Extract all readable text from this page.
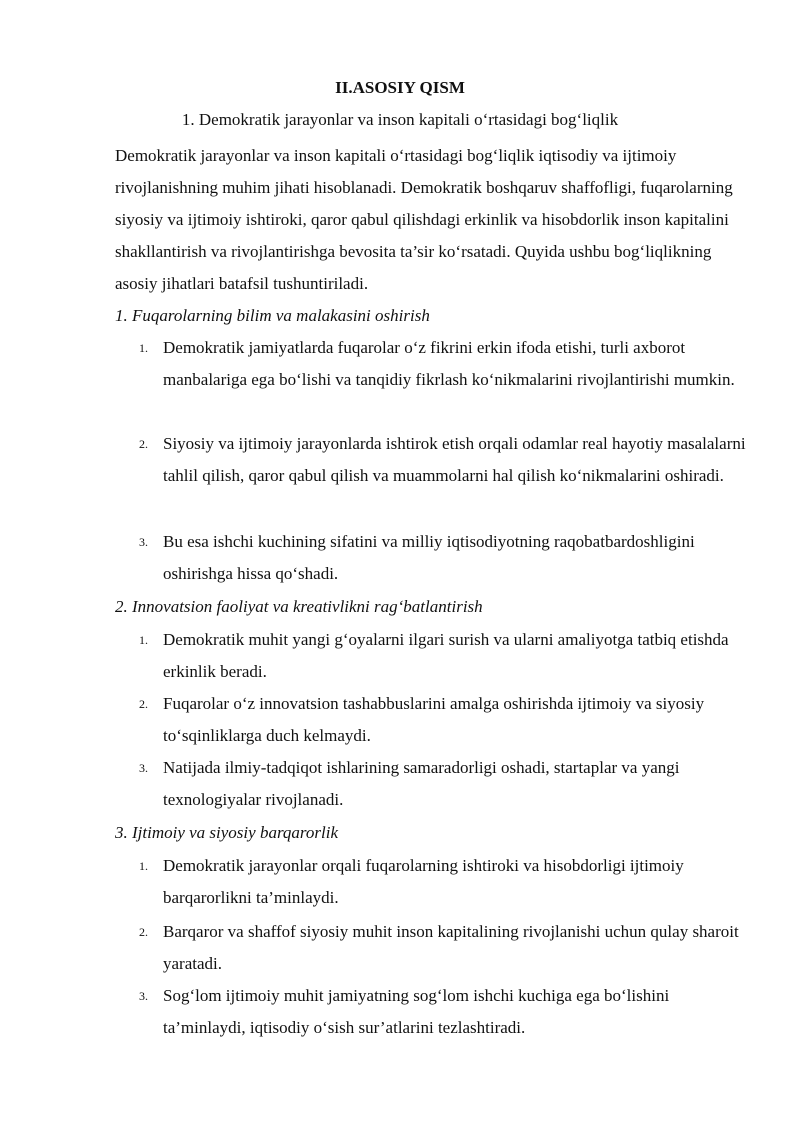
II.ASOSIY QISM
1. Demokratik jarayonlar va inson kapitali o‘rtasidagi bog‘liqlik

Demokratik jarayonlar va inson kapitali o‘rtasidagi bog‘liqlik iqtisodiy va ijtimoiy rivojlanishning muhim jihati hisoblanadi. Demokratik boshqaruv shaffofligi, fuqarolarning siyosiy va ijtimoiy ishtiroki, qaror qabul qilishdagi erkinlik va hisobdorlik inson kapitalini shakllantirish va rivojlantirishga bevosita ta’sir ko‘rsatadi. Quyida ushbu bog‘liqlikning asosiy jihatlari batafsil tushuntiriladi.

1. Fuqarolarning bilim va malakasini oshirish
1. Demokratik jamiyatlarda fuqarolar o‘z fikrini erkin ifoda etishi, turli axborot manbalariga ega bo‘lishi va tanqidiy fikrlash ko‘nikmalarini rivojlantirishi mumkin.
2. Siyosiy va ijtimoiy jarayonlarda ishtirok etish orqali odamlar real hayotiy masalalarni tahlil qilish, qaror qabul qilish va muammolarni hal qilish ko‘nikmalarini oshiradi.
3. Bu esa ishchi kuchining sifatini va milliy iqtisodiyotning raqobatbardoshligini oshirishga hissa qo‘shadi.
2. Innovatsion faoliyat va kreativlikni rag‘batlantirish
1. Demokratik muhit yangi g‘oyalarni ilgari surish va ularni amaliyotga tatbiq etishda erkinlik beradi.
2. Fuqarolar o‘z innovatsion tashabbuslarini amalga oshirishda ijtimoiy va siyosiy to‘sqinliklarga duch kelmaydi.
3. Natijada ilmiy-tadqiqot ishlarining samaradorligi oshadi, startaplar va yangi texnologiyalar rivojlanadi.
3. Ijtimoiy va siyosiy barqarorlik
1. Demokratik jarayonlar orqali fuqarolarning ishtiroki va hisobdorligi ijtimoiy barqarorlikni ta’minlaydi.
2. Barqaror va shaffof siyosiy muhit inson kapitalining rivojlanishi uchun qulay sharoit yaratadi.
3. Sog‘lom ijtimoiy muhit jamiyatning sog‘lom ishchi kuchiga ega bo‘lishini ta’minlaydi, iqtisodiy o‘sish sur’atlarini tezlashtiradi.
